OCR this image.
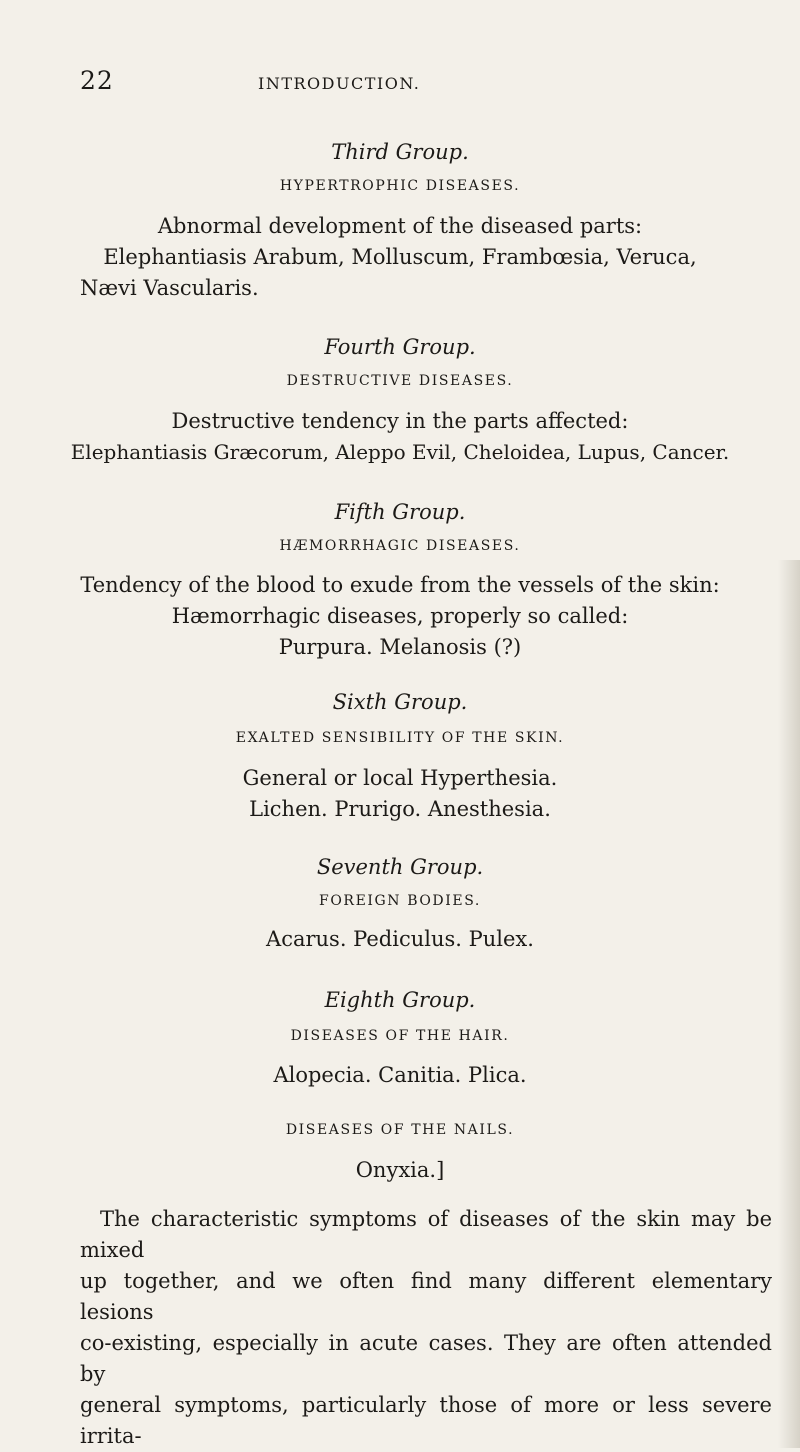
22	INTRODUCTION.
Third Group.
HYPERTROPHIC DISEASES.
Abnormal development of the diseased parts:
Elephantiasis Arabum, Molluscum, Frambœsia, Veruca,
Nævi Vascularis.
Fourth Group.
DESTRUCTIVE DISEASES.
Destructive tendency in the parts affected:
Elephantiasis Græcorum, Aleppo Evil, Cheloidea, Lupus, Cancer.
Fifth Group.
HÆMORRHAGIC DISEASES.
Tendency of the blood to exude from the vessels of the skin:
Hæmorrhagic diseases, properly so called:
Purpura. Melanosis (?)
Sixth Group.
EXALTED SENSIBILITY OF THE SKIN.
General or local Hyperthesia.
Lichen. Prurigo. Anesthesia.
Seventh Group.
FOREIGN BODIES.
Acarus. Pediculus. Pulex.
Eighth Group.
DISEASES OF THE HAIR.
Alopecia. Canitia. Plica.
DISEASES OF THE NAILS.
Onyxia.]
The characteristic symptoms of diseases of the skin may be mixed
up together, and we often find many different elementary lesions
co-existing, especially in acute cases. They are often attended by
general symptoms, particularly those of more or less severe irrita-
